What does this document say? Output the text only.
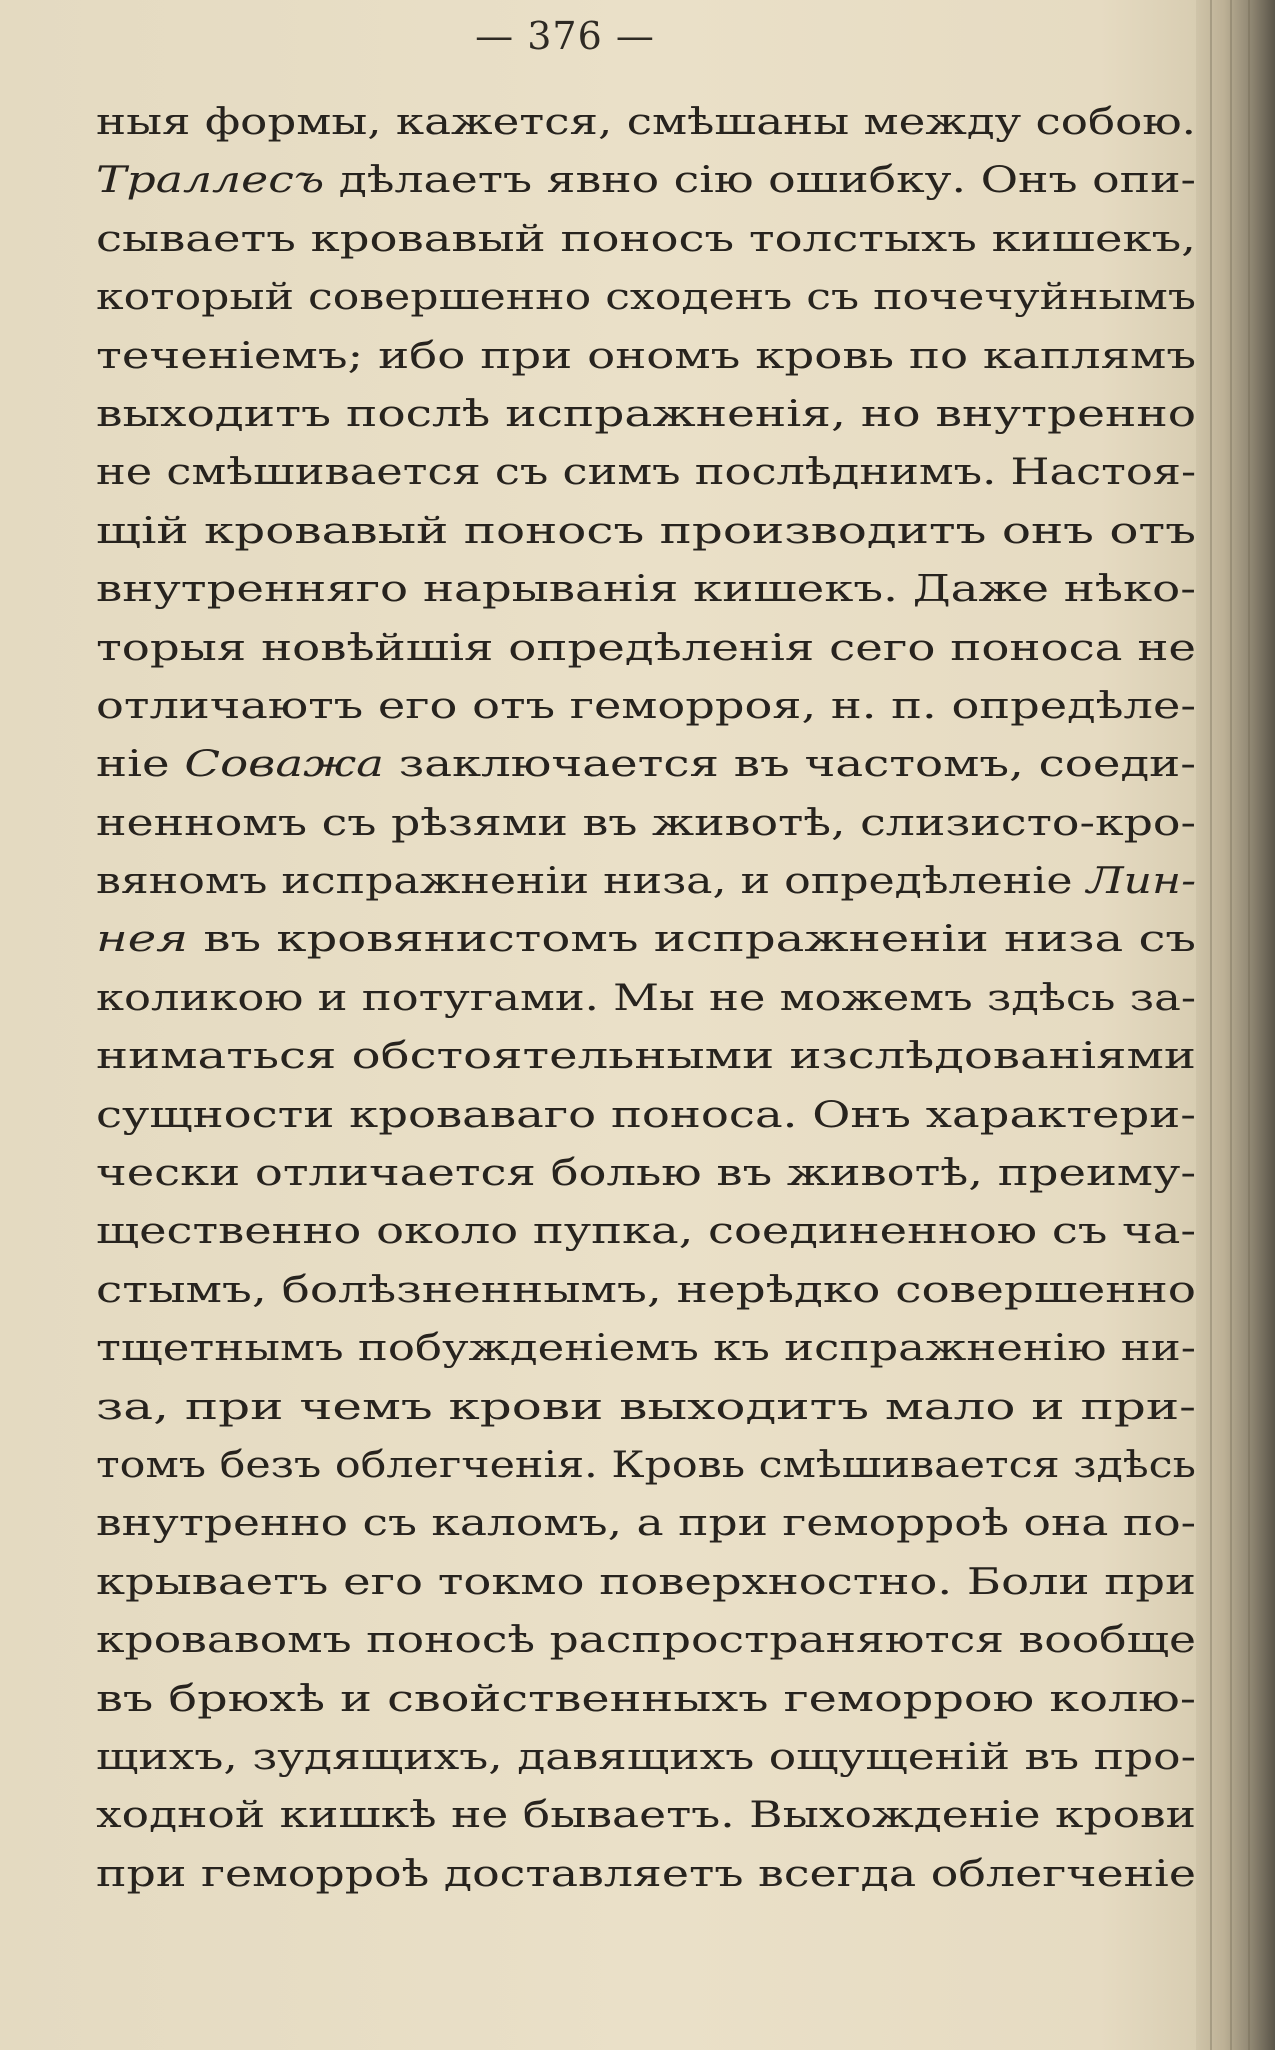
— 376 —
ныя формы, кажется, смѣшаны между собою.
Траллесъ дѣлаетъ явно сію ошибку. Онъ опи-
сываетъ кровавый поносъ толстыхъ кишекъ,
который совершенно сходенъ съ почечуйнымъ
теченіемъ; ибо при ономъ кровь по каплямъ
выходитъ послѣ испражненія, но внутренно
не смѣшивается съ симъ послѣднимъ. Настоя-
щій кровавый поносъ производитъ онъ отъ
внутренняго нарыванія кишекъ. Даже нѣко-
торыя новѣйшія опредѣленія сего поноса не
отличаютъ его отъ геморроя, н. п. опредѣле-
ніе Соважа заключается въ частомъ, соеди-
ненномъ съ рѣзями въ животѣ, слизисто-кро-
вяномъ испражненіи низа, и опредѣленіе Лин-
нея въ кровянистомъ испражненіи низа съ
коликою и потугами. Мы не можемъ здѣсь за-
ниматься обстоятельными изслѣдованіями
сущности кроваваго поноса. Онъ характери-
чески отличается болью въ животѣ, преиму-
щественно около пупка, соединенною съ ча-
стымъ, болѣзненнымъ, нерѣдко совершенно
тщетнымъ побужденіемъ къ испражненію ни-
за, при чемъ крови выходитъ мало и при-
томъ безъ облегченія. Кровь смѣшивается здѣсь
внутренно съ каломъ, а при геморроѣ она по-
крываетъ его токмо поверхностно. Боли при
кровавомъ поносѣ распространяются вообще
въ брюхѣ и свойственныхъ геморрою колю-
щихъ, зудящихъ, давящихъ ощущеній въ про-
ходной кишкѣ не бываетъ. Выхожденіе крови
при геморроѣ доставляетъ всегда облегченіе
